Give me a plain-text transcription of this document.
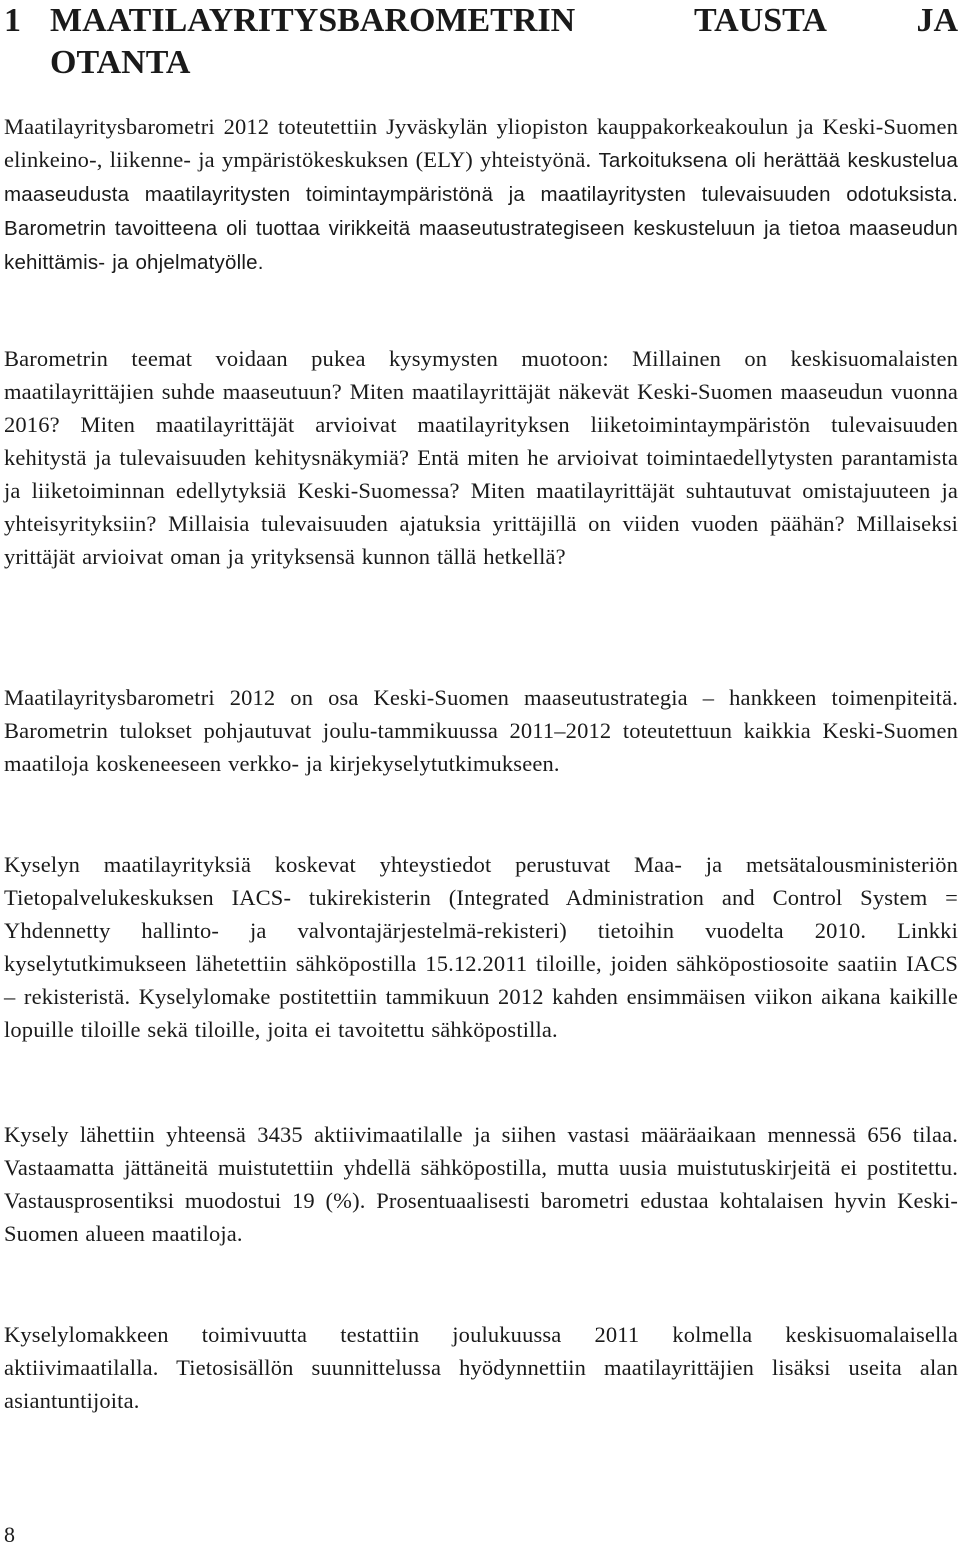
1 MAATILAYRITYSBAROMETRIN	TAUSTA	JA
OTANTA

Maatilayritysbarometri 2012 toteutettiin Jyväskylän yliopiston kauppakorkeakoulun ja Keski-Suomen elinkeino-, liikenne- ja ympäristökeskuksen (ELY) yhteistyönä. Tarkoituksena oli herättää keskustelua maaseudusta maatilayritysten toimintaympäristönä ja maatilayritysten tulevaisuuden odotuksista. Barometrin tavoitteena oli tuottaa virikkeitä maaseutustrategiseen keskusteluun ja tietoa maaseudun kehittämis- ja ohjelmatyölle.

Barometrin teemat voidaan pukea kysymysten muotoon: Millainen on keskisuomalaisten maatilayrittäjien suhde maaseutuun? Miten maatilayrittäjät näkevät Keski-Suomen maaseudun vuonna 2016? Miten maatilayrittäjät arvioivat maatilayrityksen liiketoimintaympäristön tulevaisuuden kehitystä ja tulevaisuuden kehitysnäkymiä? Entä miten he arvioivat toimintaedellytysten parantamista ja liiketoiminnan edellytyksiä Keski-Suomessa? Miten maatilayrittäjät suhtautuvat omistajuuteen ja yhteisyrityksiin? Millaisia tulevaisuuden ajatuksia yrittäjillä on viiden vuoden päähän? Millaiseksi yrittäjät arvioivat oman ja yrityksensä kunnon tällä hetkellä?

Maatilayritysbarometri 2012 on osa Keski-Suomen maaseutustrategia – hankkeen toimenpiteitä. Barometrin tulokset pohjautuvat joulu-tammikuussa 2011–2012 toteutettuun kaikkia Keski-Suomen maatiloja koskeneeseen verkko- ja kirjekyselytutkimukseen.

Kyselyn maatilayrityksiä koskevat yhteystiedot perustuvat Maa- ja metsätalousministeriön Tietopalvelukeskuksen IACS- tukirekisterin (Integrated Administration and Control System = Yhdennetty hallinto- ja valvontajärjestelmä-rekisteri) tietoihin vuodelta 2010. Linkki kyselytutkimukseen lähetettiin sähköpostilla 15.12.2011 tiloille, joiden sähköpostiosoite saatiin IACS – rekisteristä. Kyselylomake postitettiin tammikuun 2012 kahden ensimmäisen viikon aikana kaikille lopuille tiloille sekä tiloille, joita ei tavoitettu sähköpostilla.

Kysely lähettiin yhteensä 3435 aktiivimaatilalle ja siihen vastasi määräaikaan mennessä 656 tilaa. Vastaamatta jättäneitä muistutettiin yhdellä sähköpostilla, mutta uusia muistutuskirjeitä ei postitettu. Vastausprosentiksi muodostui 19 (%). Prosentuaalisesti barometri edustaa kohtalaisen hyvin Keski-Suomen alueen maatiloja.

Kyselylomakkeen toimivuutta testattiin joulukuussa 2011 kolmella keskisuomalaisella aktiivimaatilalla. Tietosisällön suunnittelussa hyödynnettiin maatilayrittäjien lisäksi useita alan asiantuntijoita.

8
